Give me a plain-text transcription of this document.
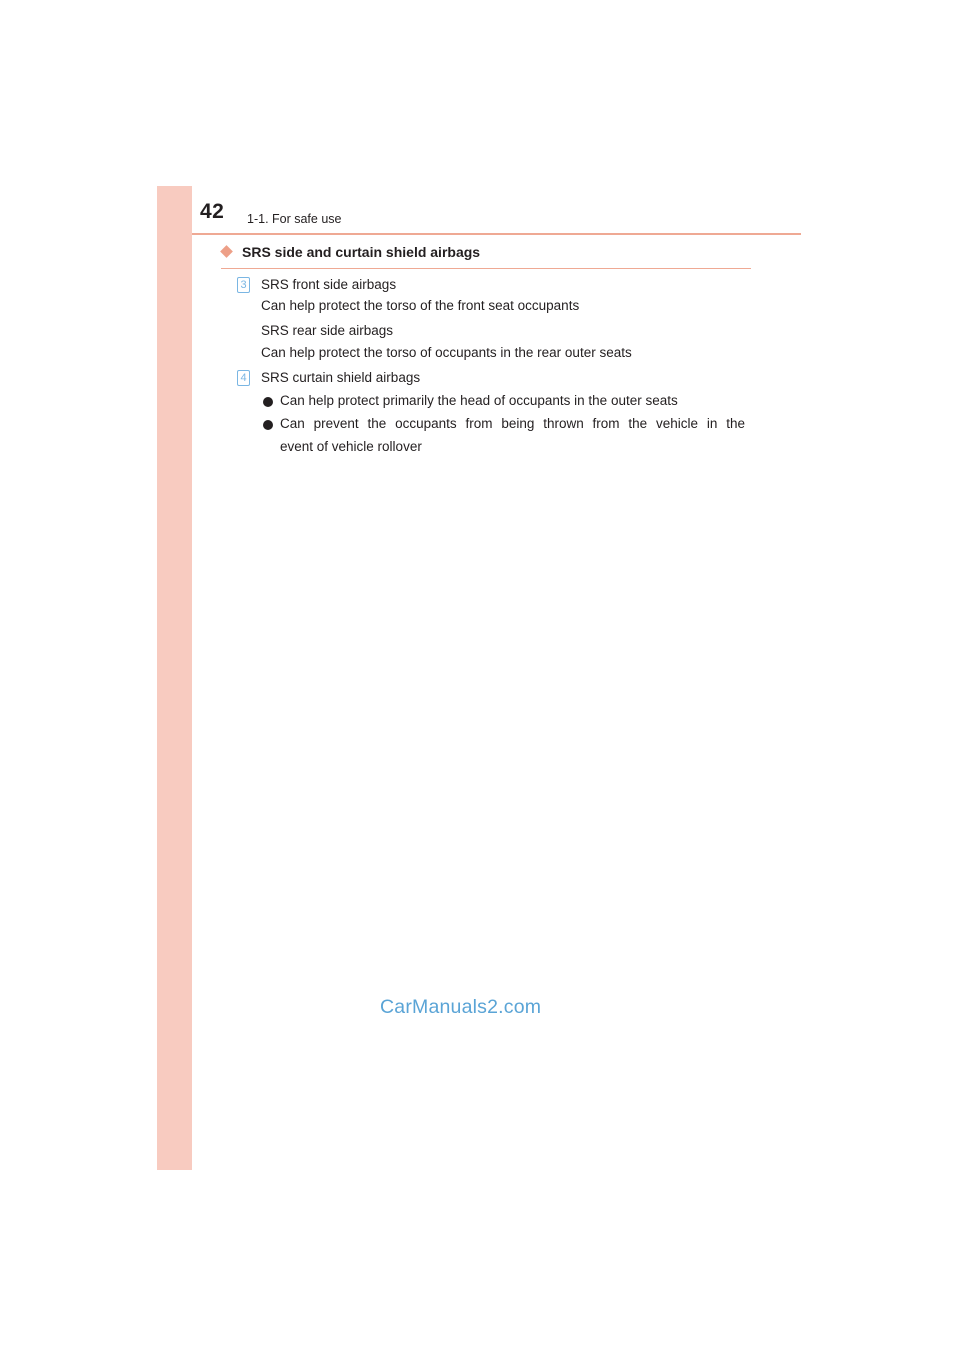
42 1-1. For safe use
SRS side and curtain shield airbags
3 SRS front side airbags
Can help protect the torso of the front seat occupants
SRS rear side airbags
Can help protect the torso of occupants in the rear outer seats
4 SRS curtain shield airbags
Can help protect primarily the head of occupants in the outer seats
Can prevent the occupants from being thrown from the vehicle in the
event of vehicle rollover
CarManuals2.com
